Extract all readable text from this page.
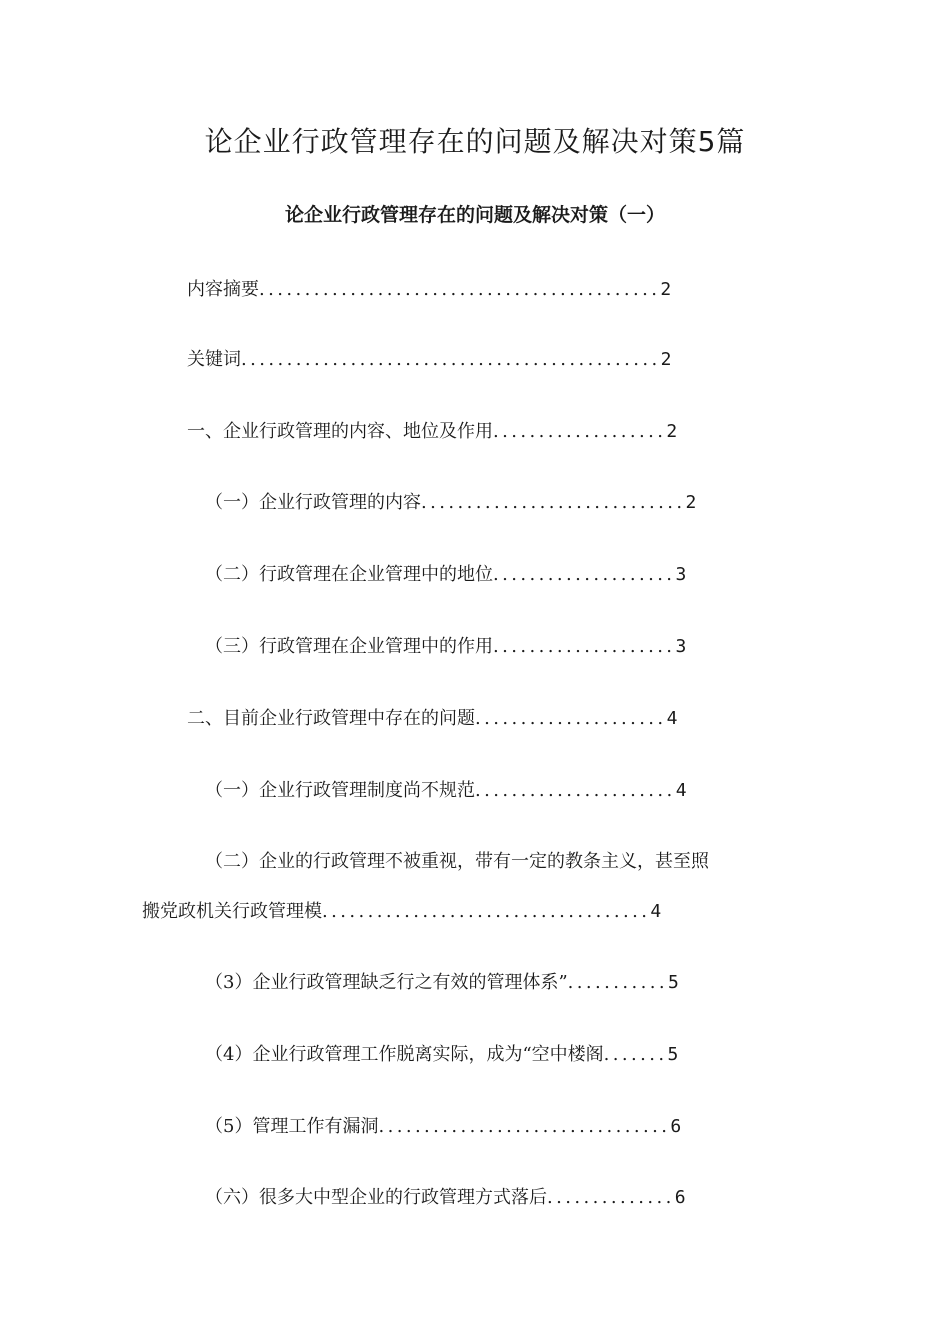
论企业行政管理存在的问题及解决对策5篇
论企业行政管理存在的问题及解决对策（一）
内容摘要............................................2
关键词..............................................2
一、企业行政管理的内容、地位及作用...................2
（一）企业行政管理的内容.............................2
（二）行政管理在企业管理中的地位....................3
（三）行政管理在企业管理中的作用....................3
二、目前企业行政管理中存在的问题.....................4
（一）企业行政管理制度尚不规范......................4
（二）企业的行政管理不被重视，带有一定的教条主义，甚至照
搬党政机关行政管理模....................................4
（3）企业行政管理缺乏行之有效的管理体系”...........5
（4）企业行政管理工作脱离实际，成为“空中楼阁.......5
（5）管理工作有漏洞................................6
（六）很多大中型企业的行政管理方式落后..............6
